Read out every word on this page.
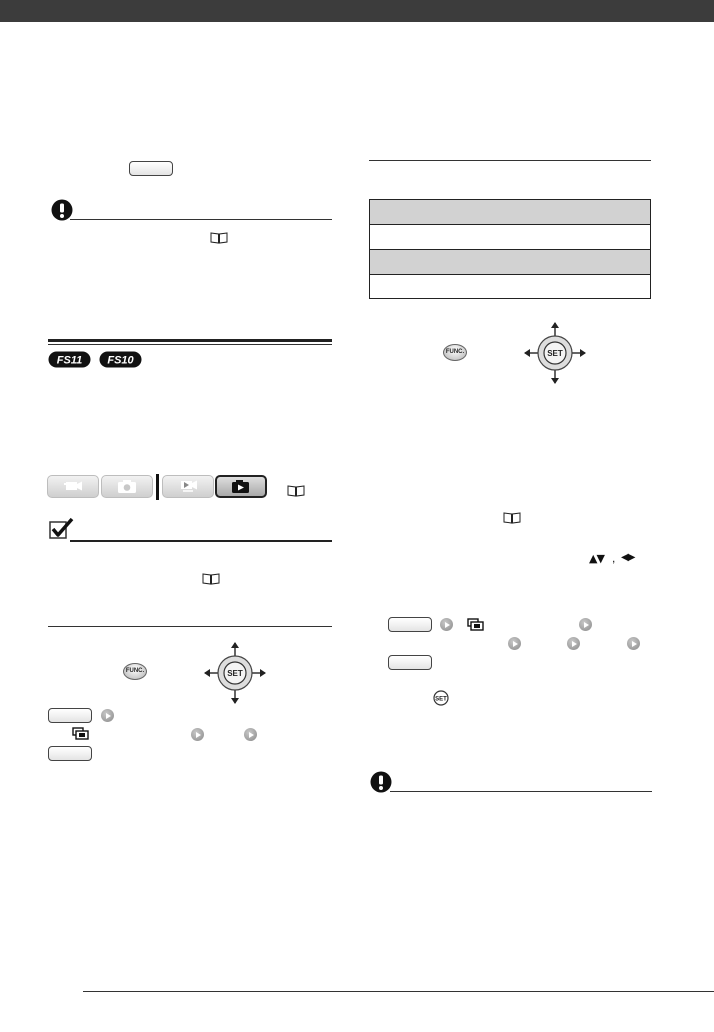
FS11 FS10
FUNC.	SET
FUNC.	SET
▲▼ , ◀▶
SET
